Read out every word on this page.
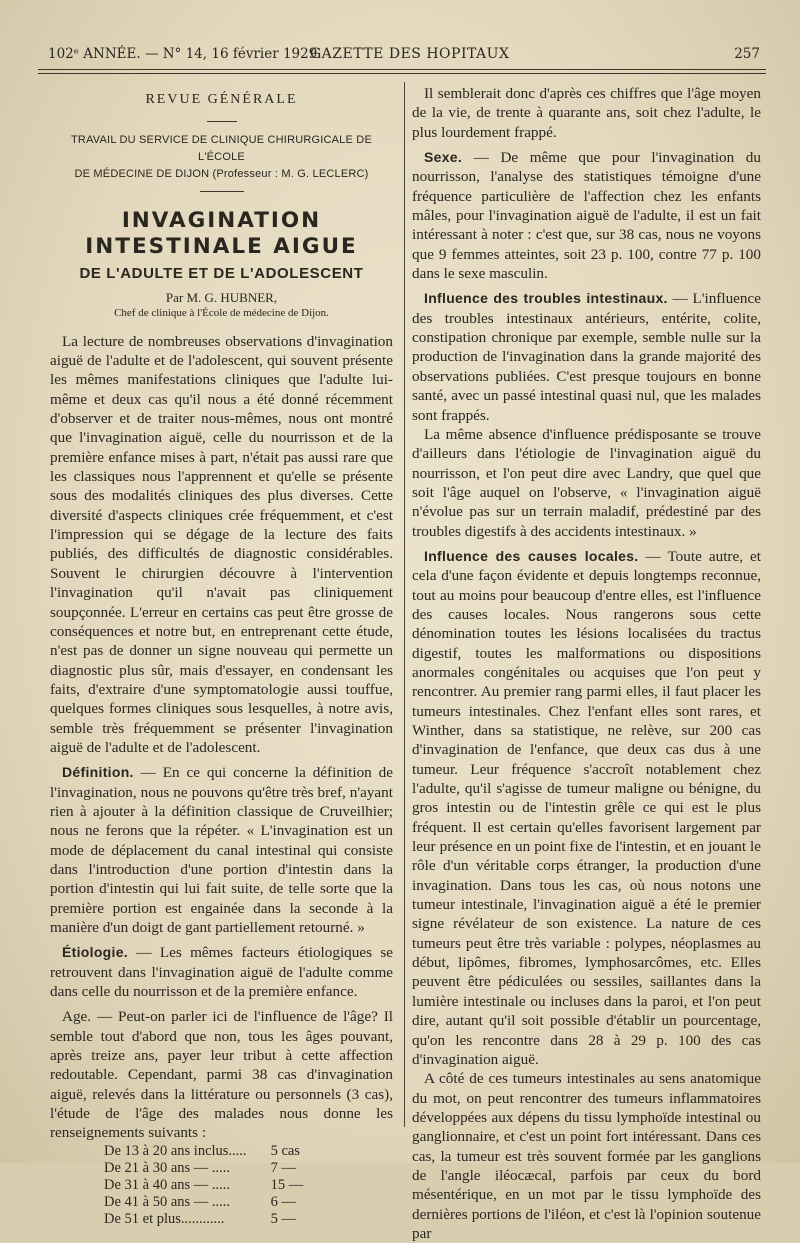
102ᵉ ANNÉE. — N° 14, 16 février 1929.
GAZETTE DES HOPITAUX	257
REVUE GÉNÉRALE
TRAVAIL DU SERVICE DE CLINIQUE CHIRURGICALE DE L'ÉCOLE
DE MÉDECINE DE DIJON (Professeur : M. G. LECLERC)
INVAGINATION INTESTINALE AIGUE
DE L'ADULTE ET DE L'ADOLESCENT
Par M. G. HUBNER,
Chef de clinique à l'École de médecine de Dijon.

La lecture de nombreuses observations d'invagination aiguë de l'adulte et de l'adolescent, qui souvent présente les mêmes manifestations cliniques que l'adulte lui-même et deux cas qu'il nous a été donné récemment d'observer et de traiter nous-mêmes, nous ont montré que l'invagination aiguë, celle du nourrisson et de la première enfance mises à part, n'était pas aussi rare que les classiques nous l'apprennent et qu'elle se présente sous des modalités cliniques des plus diverses. Cette diversité d'aspects cliniques crée fréquemment, et c'est l'impression qui se dégage de la lecture des faits publiés, des difficultés de diagnostic considérables. Souvent le chirurgien découvre à l'intervention l'invagination qu'il n'avait pas cliniquement soupçonnée. L'erreur en certains cas peut être grosse de conséquences et notre but, en entreprenant cette étude, n'est pas de donner un signe nouveau qui permette un diagnostic plus sûr, mais d'essayer, en condensant les faits, d'extraire d'une symptomatologie aussi touffue, quelques formes cliniques sous lesquelles, à notre avis, semble très fréquemment se présenter l'invagination aiguë de l'adulte et de l'adolescent.

Définition. — En ce qui concerne la définition de l'invagination, nous ne pouvons qu'être très bref, n'ayant rien à ajouter à la définition classique de Cruveilhier; nous ne ferons que la répéter. « L'invagination est un mode de déplacement du canal intestinal qui consiste dans l'introduction d'une portion d'intestin dans la portion d'intestin qui lui fait suite, de telle sorte que la première portion est engainée dans la seconde à la manière d'un doigt de gant partiellement retourné. »

Étiologie. — Les mêmes facteurs étiologiques se retrouvent dans l'invagination aiguë de l'adulte comme dans celle du nourrisson et de la première enfance.

Age. — Peut-on parler ici de l'influence de l'âge? Il semble tout d'abord que non, tous les âges pouvant, après treize ans, payer leur tribut à cette affection redoutable. Cependant, parmi 38 cas d'invagination aiguë, relevés dans la littérature ou personnels (3 cas), l'étude de l'âge des malades nous donne les renseignements suivants :

De 13 à 20 ans inclus.....	5 cas
De 21 à 30 ans — .....	7 —
De 31 à 40 ans — .....	15 —
De 41 à 50 ans — .....	6 —
De 51 et plus............	5 —

Il semblerait donc d'après ces chiffres que l'âge moyen de la vie, de trente à quarante ans, soit chez l'adulte, le plus lourdement frappé.

Sexe. — De même que pour l'invagination du nourrisson, l'analyse des statistiques témoigne d'une fréquence particulière de l'affection chez les enfants mâles, pour l'invagination aiguë de l'adulte, il est un fait intéressant à noter : c'est que, sur 38 cas, nous ne voyons que 9 femmes atteintes, soit 23 p. 100, contre 77 p. 100 dans le sexe masculin.

Influence des troubles intestinaux. — L'influence des troubles intestinaux antérieurs, entérite, colite, constipation chronique par exemple, semble nulle sur la production de l'invagination dans la grande majorité des observations publiées. C'est presque toujours en bonne santé, avec un passé intestinal quasi nul, que les malades sont frappés.

La même absence d'influence prédisposante se trouve d'ailleurs dans l'étiologie de l'invagination aiguë du nourrisson, et l'on peut dire avec Landry, que quel que soit l'âge auquel on l'observe, « l'invagination aiguë n'évolue pas sur un terrain maladif, prédestiné par des troubles digestifs à des accidents intestinaux. »

Influence des causes locales. — Toute autre, et cela d'une façon évidente et depuis longtemps reconnue, tout au moins pour beaucoup d'entre elles, est l'influence des causes locales. Nous rangerons sous cette dénomination toutes les lésions localisées du tractus digestif, toutes les malformations ou dispositions anormales congénitales ou acquises que l'on peut y rencontrer. Au premier rang parmi elles, il faut placer les tumeurs intestinales. Chez l'enfant elles sont rares, et Winther, dans sa statistique, ne relève, sur 200 cas d'invagination de l'enfance, que deux cas dus à une tumeur. Leur fréquence s'accroît notablement chez l'adulte, qu'il s'agisse de tumeur maligne ou bénigne, du gros intestin ou de l'intestin grêle ce qui est le plus fréquent. Il est certain qu'elles favorisent largement par leur présence en un point fixe de l'intestin, et en jouant le rôle d'un véritable corps étranger, la production d'une invagination. Dans tous les cas, où nous notons une tumeur intestinale, l'invagination aiguë a été le premier signe révélateur de son existence. La nature de ces tumeurs peut être très variable : polypes, néoplasmes au début, lipômes, fibromes, lymphosarcômes, etc. Elles peuvent être pédiculées ou sessiles, saillantes dans la lumière intestinale ou incluses dans la paroi, et l'on peut dire, autant qu'il soit possible d'établir un pourcentage, qu'on les rencontre dans 28 à 29 p. 100 des cas d'invagination aiguë.

A côté de ces tumeurs intestinales au sens anatomique du mot, on peut rencontrer des tumeurs inflammatoires développées aux dépens du tissu lymphoïde intestinal ou ganglionnaire, et c'est un point fort intéressant. Dans ces cas, la tumeur est très souvent formée par les ganglions de l'angle iléocæcal, parfois par ceux du bord mésentérique, en un mot par le tissu lymphoïde des dernières portions de l'iléon, et c'est là l'opinion soutenue par
